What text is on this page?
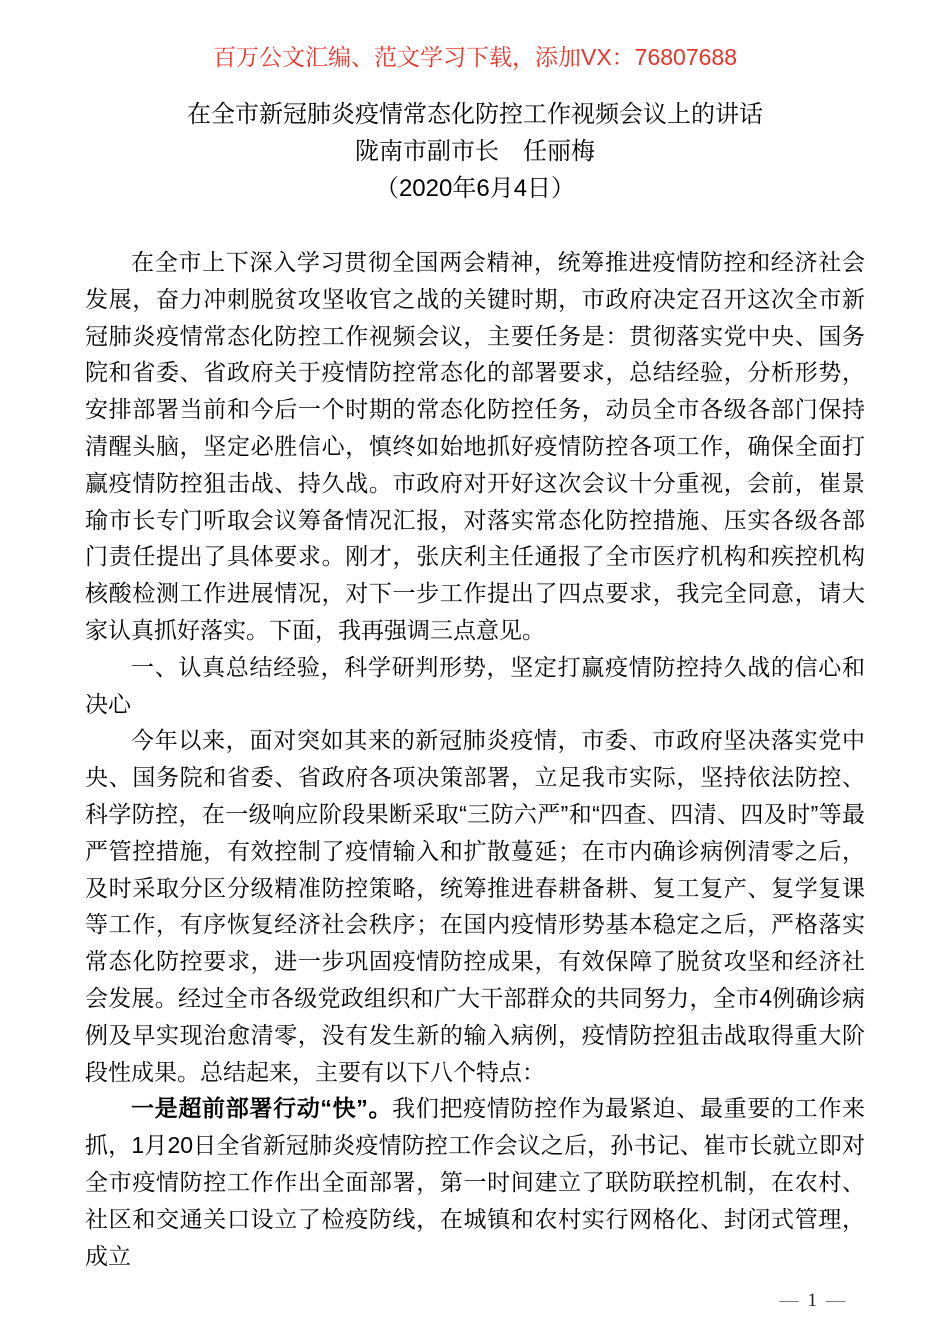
百万公文汇编、范文学习下载，添加VX：76807688
在全市新冠肺炎疫情常态化防控工作视频会议上的讲话
陇南市副市长　任丽梅
（2020年6月4日）

在全市上下深入学习贯彻全国两会精神，统筹推进疫情防控和经济社会发展，奋力冲刺脱贫攻坚收官之战的关键时期，市政府决定召开这次全市新冠肺炎疫情常态化防控工作视频会议，主要任务是：贯彻落实党中央、国务院和省委、省政府关于疫情防控常态化的部署要求，总结经验，分析形势，安排部署当前和今后一个时期的常态化防控任务，动员全市各级各部门保持清醒头脑，坚定必胜信心，慎终如始地抓好疫情防控各项工作，确保全面打赢疫情防控狙击战、持久战。市政府对开好这次会议十分重视，会前，崔景瑜市长专门听取会议筹备情况汇报，对落实常态化防控措施、压实各级各部门责任提出了具体要求。刚才，张庆利主任通报了全市医疗机构和疾控机构核酸检测工作进展情况，对下一步工作提出了四点要求，我完全同意，请大家认真抓好落实。下面，我再强调三点意见。

一、认真总结经验，科学研判形势，坚定打赢疫情防控持久战的信心和决心

今年以来，面对突如其来的新冠肺炎疫情，市委、市政府坚决落实党中央、国务院和省委、省政府各项决策部署，立足我市实际，坚持依法防控、科学防控，在一级响应阶段果断采取“三防六严”和“四查、四清、四及时”等最严管控措施，有效控制了疫情输入和扩散蔓延；在市内确诊病例清零之后，及时采取分区分级精准防控策略，统筹推进春耕备耕、复工复产、复学复课等工作，有序恢复经济社会秩序；在国内疫情形势基本稳定之后，严格落实常态化防控要求，进一步巩固疫情防控成果，有效保障了脱贫攻坚和经济社会发展。经过全市各级党政组织和广大干部群众的共同努力，全市4例确诊病例及早实现治愈清零，没有发生新的输入病例，疫情防控狙击战取得重大阶段性成果。总结起来，主要有以下八个特点：

一是超前部署行动“快”。我们把疫情防控作为最紧迫、最重要的工作来抓，1月20日全省新冠肺炎疫情防控工作会议之后，孙书记、崔市长就立即对全市疫情防控工作作出全面部署，第一时间建立了联防联控机制，在农村、社区和交通关口设立了检疫防线，在城镇和农村实行网格化、封闭式管理，成立

— 1 —
